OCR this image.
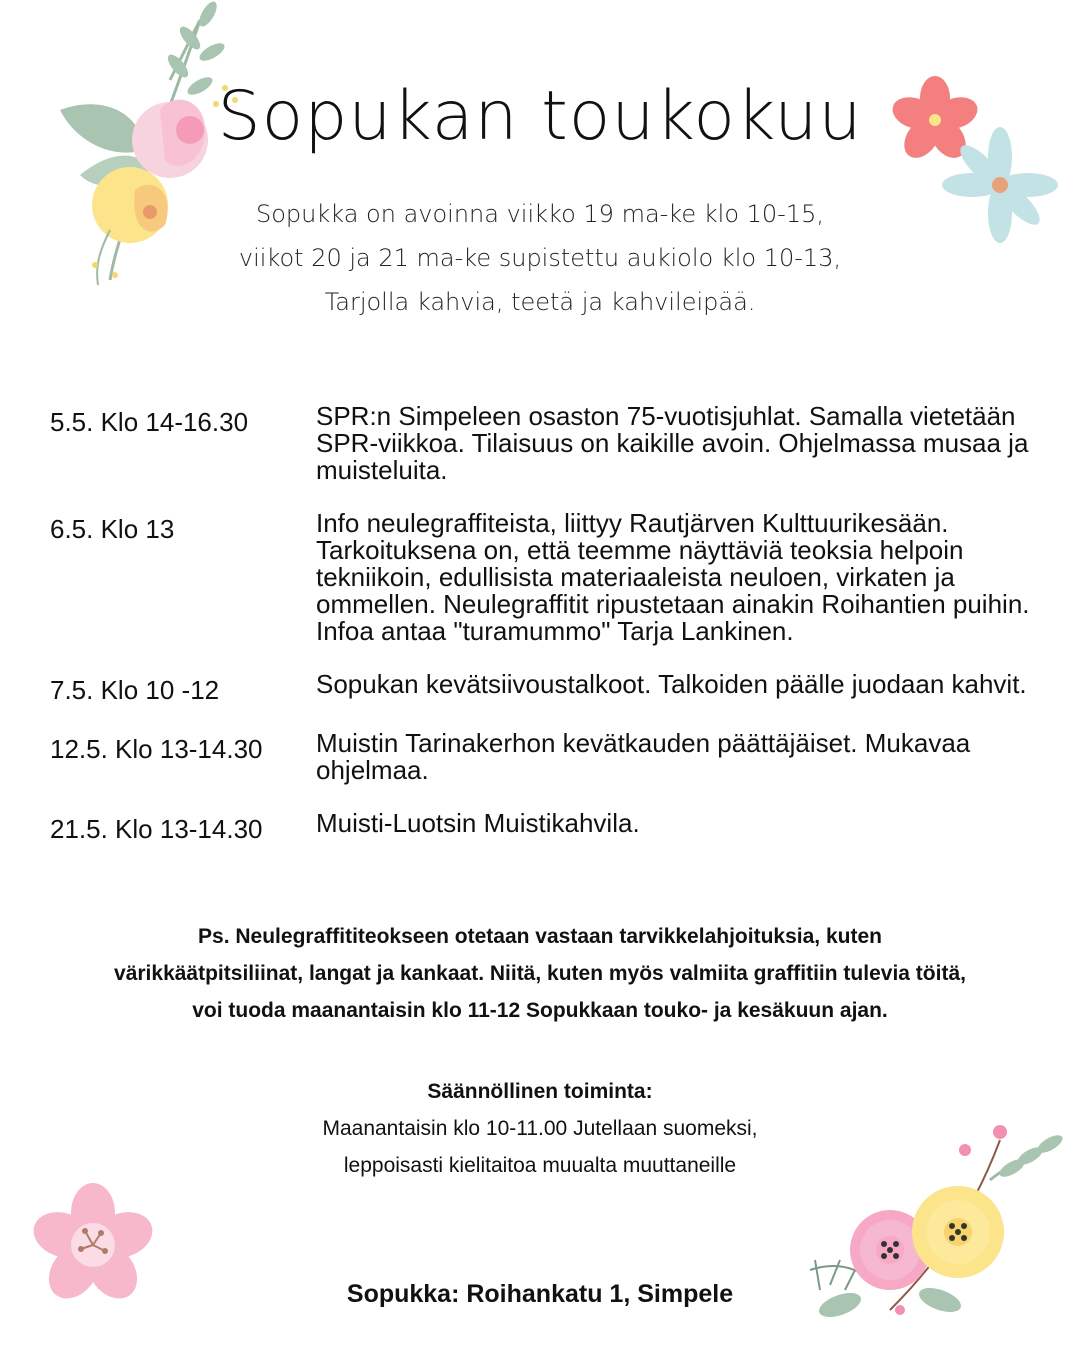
Sopukan toukokuu
Sopukka on avoinna viikko 19 ma-ke klo 10-15,
viikot 20 ja 21 ma-ke supistettu aukiolo klo 10-13,
Tarjolla kahvia, teetä ja kahvileipää.
5.5. Klo 14-16.30	SPR:n Simpeleen osaston 75-vuotisjuhlat. Samalla vietetään SPR-viikkoa. Tilaisuus on kaikille avoin. Ohjelmassa musaa ja muisteluita.
6.5. Klo 13	Info neulegraffiteista, liittyy Rautjärven Kulttuurikesään. Tarkoituksena on, että teemme näyttäviä teoksia helpoin tekniikoin, edullisista materiaaleista neuloen, virkaten ja ommellen. Neulegraffitit ripustetaan ainakin Roihantien puihin. Infoa antaa "turamummo" Tarja Lankinen.
7.5. Klo 10 -12	Sopukan kevätsiivoustalkoot. Talkoiden päälle juodaan kahvit.
12.5. Klo 13-14.30	Muistin Tarinakerhon kevätkauden päättäjäiset. Mukavaa ohjelmaa.
21.5. Klo 13-14.30	Muisti-Luotsin Muistikahvila.
Ps. Neulegraffititeokseen otetaan vastaan tarvikkelahjoituksia, kuten
värikkäätpitsiliinat, langat ja kankaat. Niitä, kuten myös valmiita graffitiin tulevia töitä,
voi tuoda maanantaisin klo 11-12 Sopukkaan touko- ja kesäkuun ajan.
Säännöllinen toiminta:
Maanantaisin klo 10-11.00 Jutellaan suomeksi,
leppoisasti kielitaitoa muualta muuttaneille
Sopukka: Roihankatu 1, Simpele
